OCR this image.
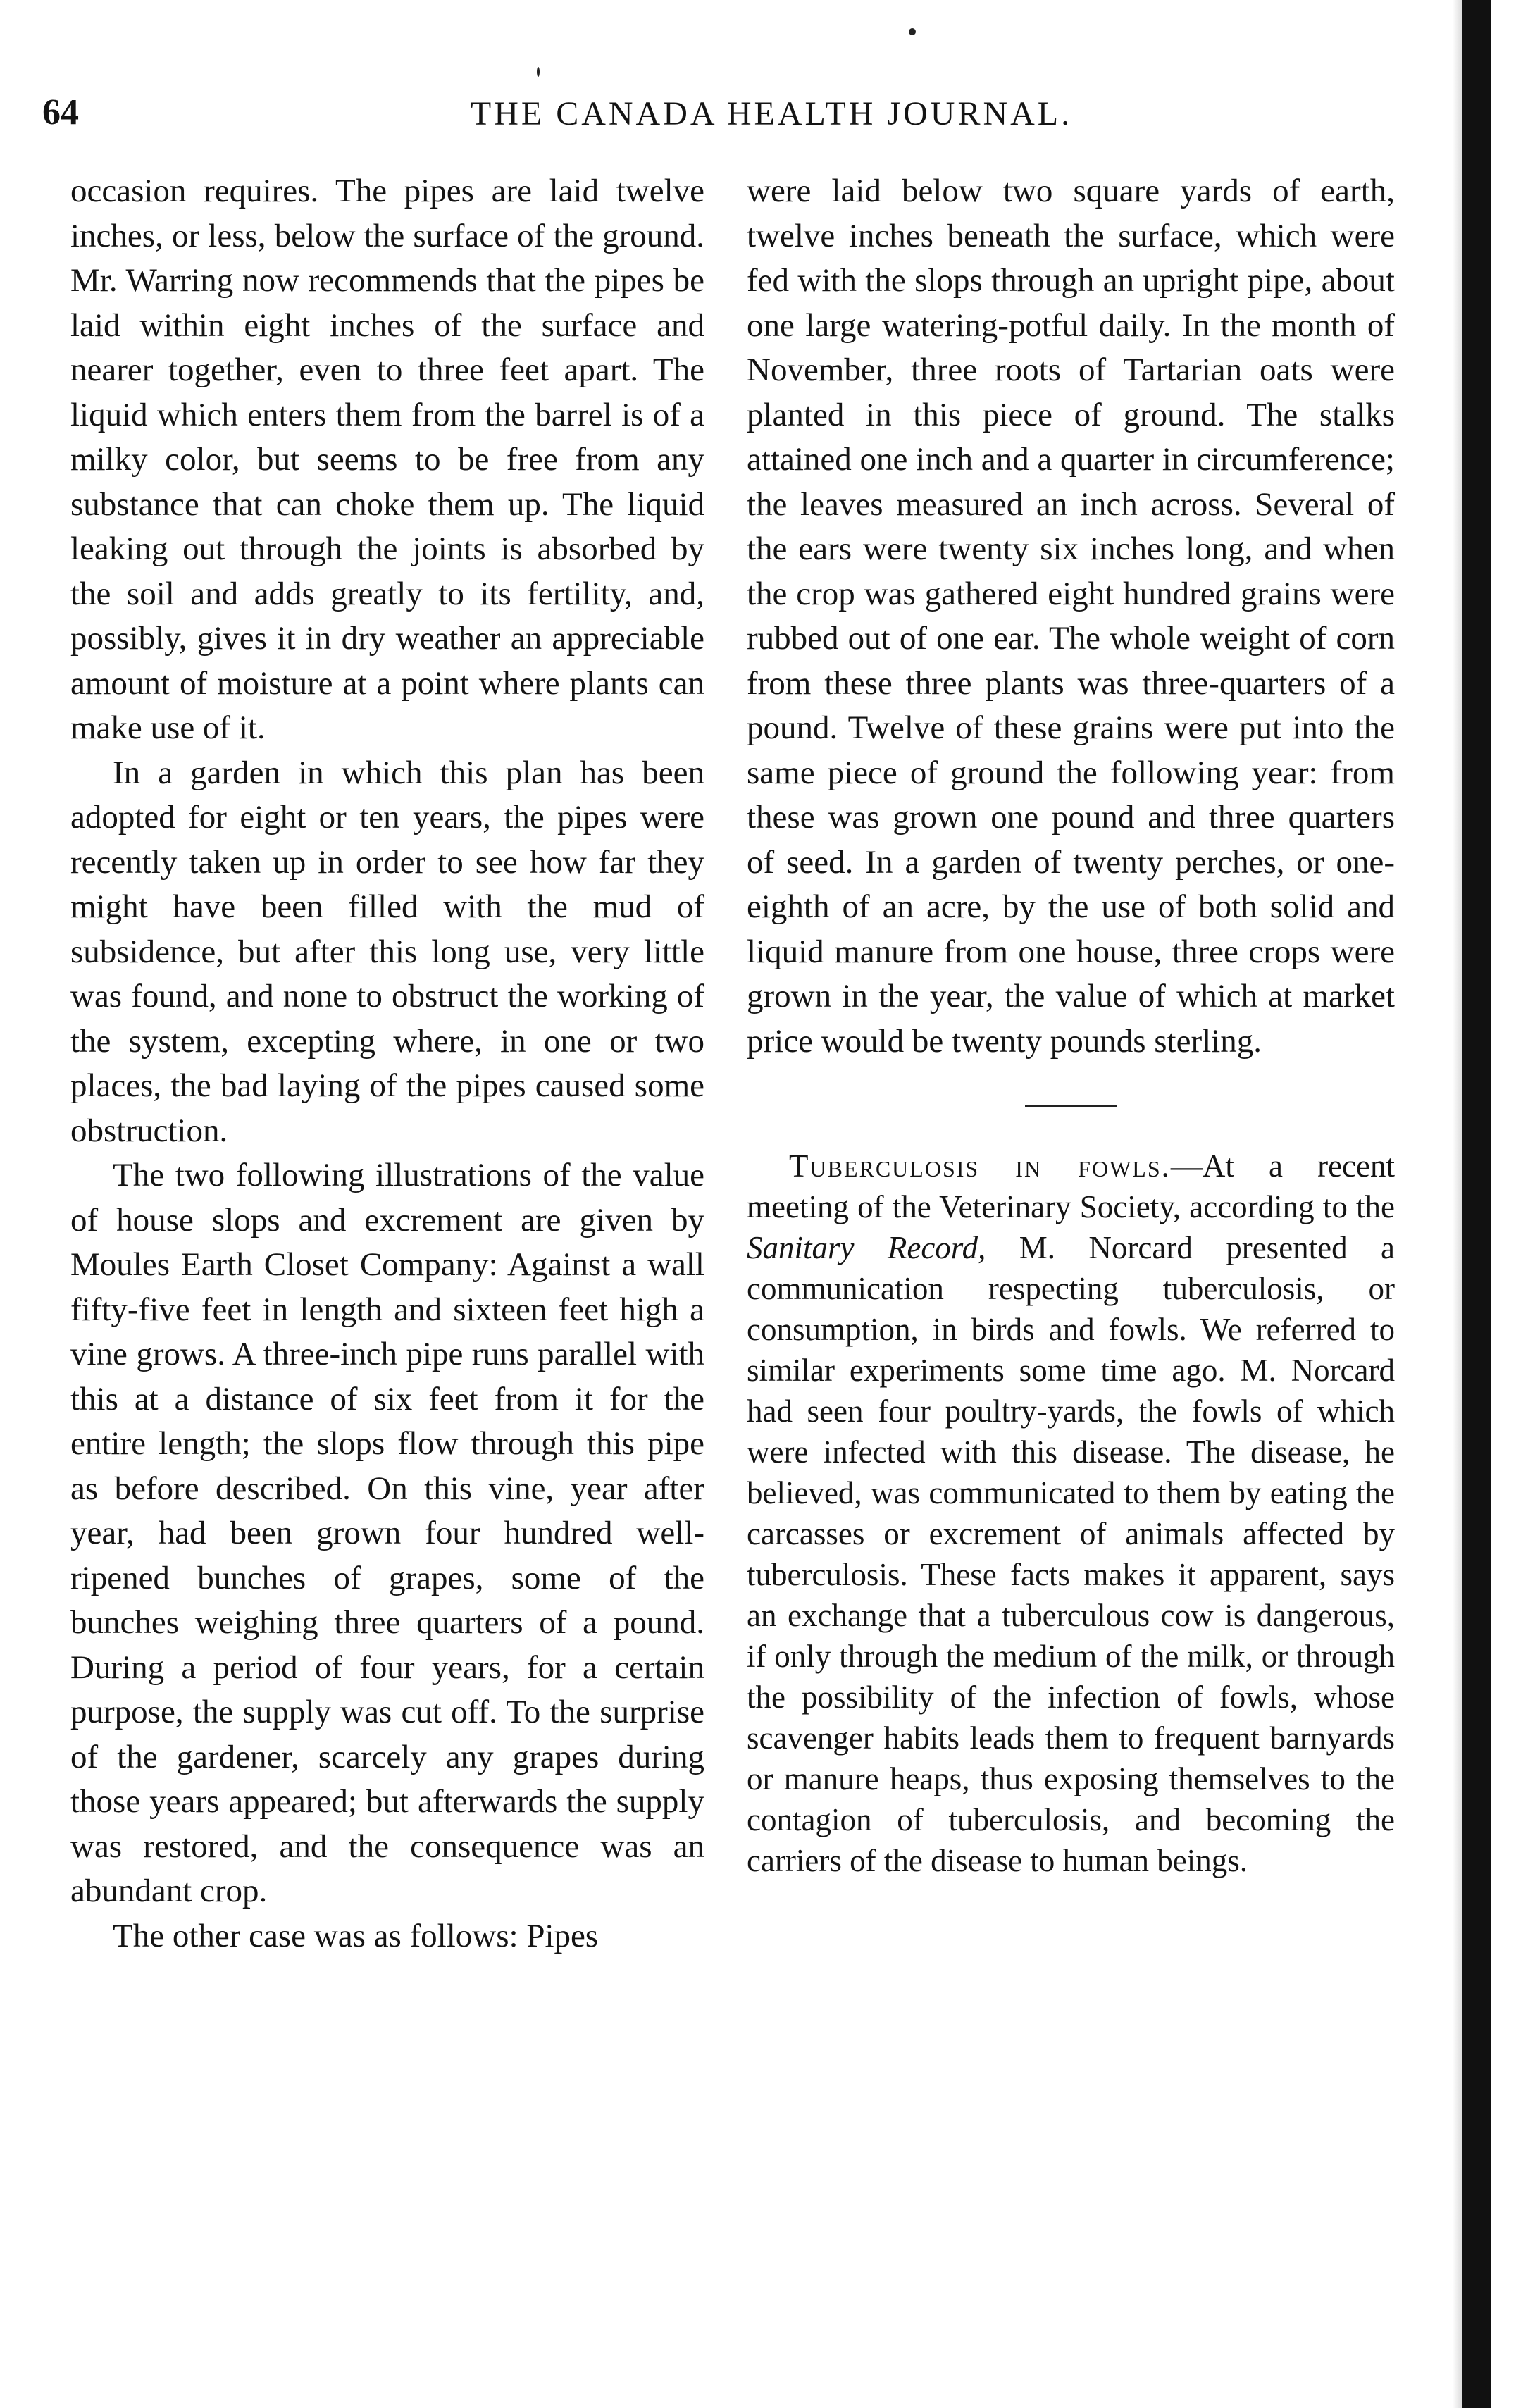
64	THE CANADA HEALTH JOURNAL.

occasion requires. The pipes are laid twelve inches, or less, below the surface of the ground. Mr. Warring now recommends that the pipes be laid within eight inches of the surface and nearer together, even to three feet apart. The liquid which enters them from the barrel is of a milky color, but seems to be free from any substance that can choke them up. The liquid leaking out through the joints is absorbed by the soil and adds greatly to its fertility, and, possibly, gives it in dry weather an appreciable amount of moisture at a point where plants can make use of it.

In a garden in which this plan has been adopted for eight or ten years, the pipes were recently taken up in order to see how far they might have been filled with the mud of subsidence, but after this long use, very little was found, and none to obstruct the working of the system, excepting where, in one or two places, the bad laying of the pipes caused some obstruction.

The two following illustrations of the value of house slops and excrement are given by Moules Earth Closet Company: Against a wall fifty-five feet in length and sixteen feet high a vine grows. A three-inch pipe runs parallel with this at a distance of six feet from it for the entire length; the slops flow through this pipe as before described. On this vine, year after year, had been grown four hundred well-ripened bunches of grapes, some of the bunches weighing three quarters of a pound. During a period of four years, for a certain purpose, the supply was cut off. To the surprise of the gardener, scarcely any grapes during those years appeared; but afterwards the supply was restored, and the consequence was an abundant crop.

The other case was as follows: Pipes

were laid below two square yards of earth, twelve inches beneath the surface, which were fed with the slops through an upright pipe, about one large watering-potful daily. In the month of November, three roots of Tartarian oats were planted in this piece of ground. The stalks attained one inch and a quarter in circumference; the leaves measured an inch across. Several of the ears were twenty six inches long, and when the crop was gathered eight hundred grains were rubbed out of one ear. The whole weight of corn from these three plants was three-quarters of a pound. Twelve of these grains were put into the same piece of ground the following year: from these was grown one pound and three quarters of seed. In a garden of twenty perches, or one-eighth of an acre, by the use of both solid and liquid manure from one house, three crops were grown in the year, the value of which at market price would be twenty pounds sterling.

Tuberculosis in fowls.—At a recent meeting of the Veterinary Society, according to the Sanitary Record, M. Norcard presented a communication respecting tuberculosis, or consumption, in birds and fowls. We referred to similar experiments some time ago. M. Norcard had seen four poultry-yards, the fowls of which were infected with this disease. The disease, he believed, was communicated to them by eating the carcasses or excrement of animals affected by tuberculosis. These facts makes it apparent, says an exchange that a tuberculous cow is dangerous, if only through the medium of the milk, or through the possibility of the infection of fowls, whose scavenger habits leads them to frequent barnyards or manure heaps, thus exposing themselves to the contagion of tuberculosis, and becoming the carriers of the disease to human beings.
